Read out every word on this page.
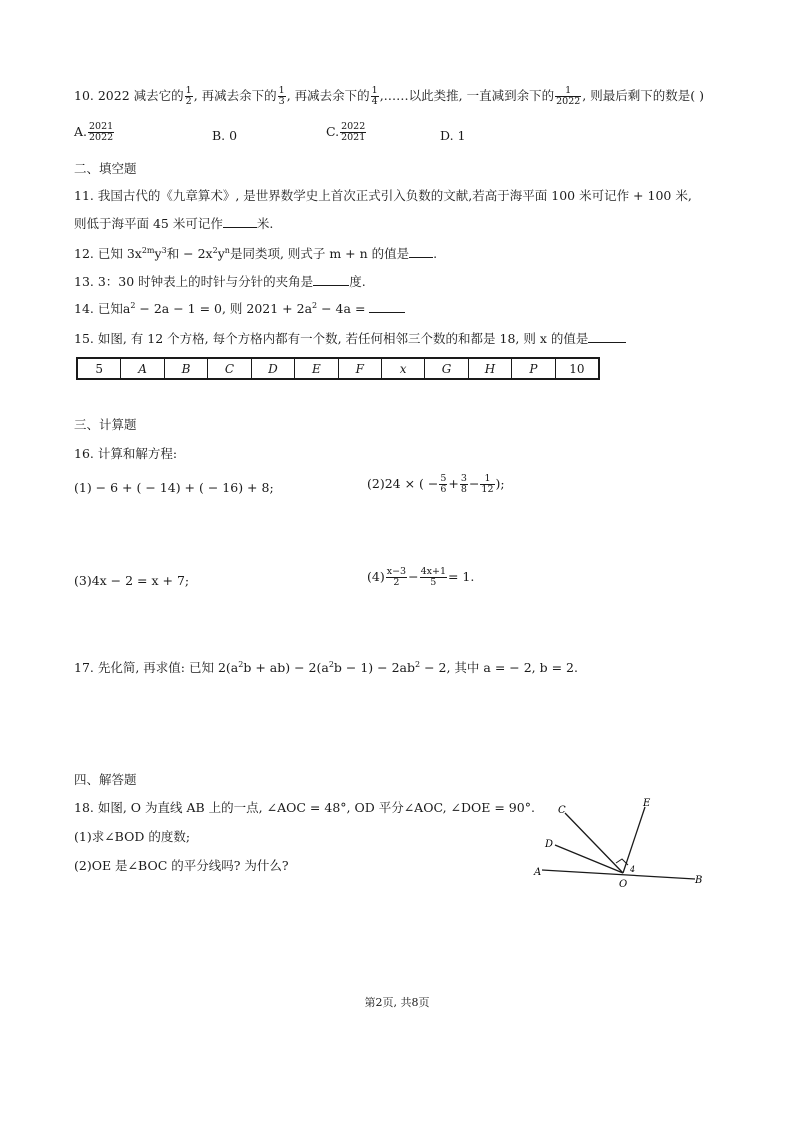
10. 2022 减去它的 $\frac{1}{2}$ , 再减去余下的 $\frac{1}{3}$ , 再减去余下的 $\frac{1}{4}$ ,……以此类推, 一直减到余下的 $\frac{1}{2022}$ , 则最后剩下的数是( )
A. $\frac{2021}{2022}$	B. 0	C. $\frac{2022}{2021}$	D. 1
二、填空题
11. 我国古代的《九章算术》, 是世界数学史上首次正式引入负数的文献,若高于海平面 100 米可记作 + 100 米,
则低于海平面 45 米可记作	米.
12. 已知 $3x^{2m}y^3$和 − $2x^2y^n$是同类项, 则式子 m + n 的值是 .
13. 3：30 时钟表上的时针与分针的夹角是	度.
14. 已知$a^2 - 2a - 1 = 0$, 则 $2021 + 2a^2 - 4a$ =
15. 如图, 有 12 个方格, 每个方格内都有一个数, 若任何相邻三个数的和都是 18, 则 x 的值是
5	A	B	C	D	E	F	x	G	H	P	10
三、计算题
16. 计算和解方程:
(1) − 6 + ( − 14) + ( − 16) + 8;	(2)24 × ( − $\frac{5}{6} + \frac{3}{8} - \frac{1}{12}$ );
(3)4x − 2 = x + 7;	$(4) \frac{x-3}{2} - \frac{4x+1}{5} = 1$.
17. 先化简, 再求值: 已知 $2(a^2b + ab) - 2(a^2b - 1) - 2ab^2 - 2$, 其中 a = − 2, b = 2.
四、解答题
18. 如图, O 为直线 AB 上的一点, ∠AOC = 48°, OD 平分∠AOC, ∠DOE = 90°.
(1)求∠BOD 的度数;
(2)OE 是∠BOC 的平分线吗? 为什么?	A
B
C
D
E
O
4
第2页, 共8页
